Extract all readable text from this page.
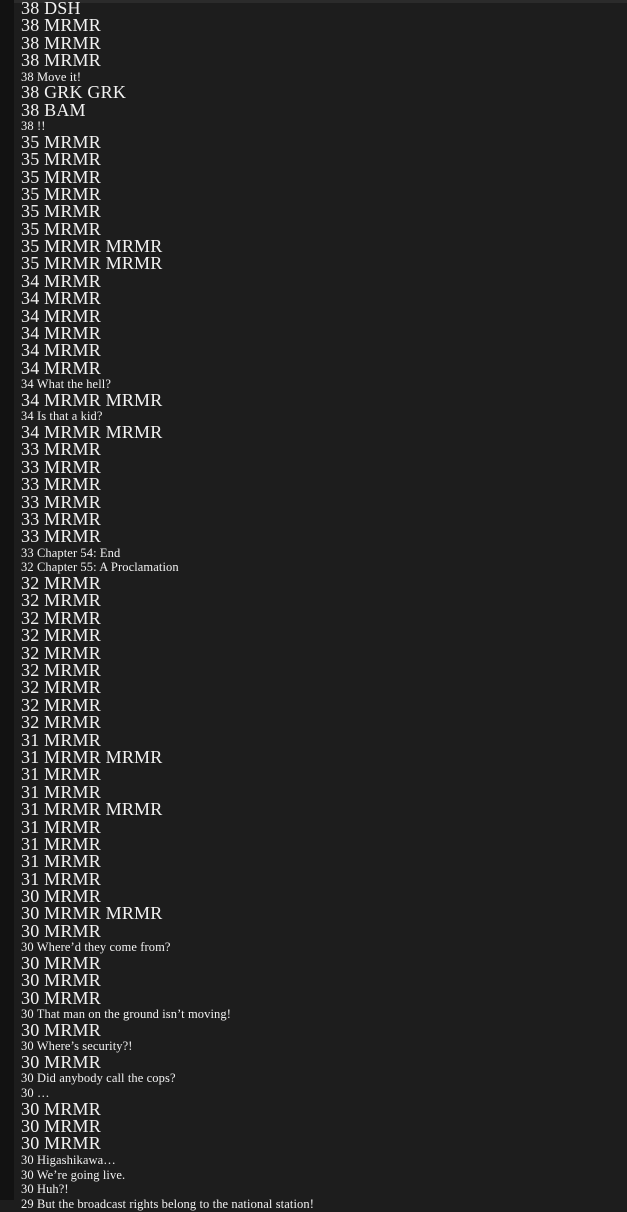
38 DSH
38 MRMR
38 MRMR
38 MRMR
38 Move it!
38 GRK GRK
38 BAM
38 !!
35 MRMR
35 MRMR
35 MRMR
35 MRMR
35 MRMR
35 MRMR
35 MRMR MRMR
35 MRMR MRMR
34 MRMR
34 MRMR
34 MRMR
34 MRMR
34 MRMR
34 MRMR
34 What the hell?
34 MRMR MRMR
34 Is that a kid?
34 MRMR MRMR
33 MRMR
33 MRMR
33 MRMR
33 MRMR
33 MRMR
33 MRMR
33 Chapter 54: End
32 Chapter 55: A Proclamation
32 MRMR
32 MRMR
32 MRMR
32 MRMR
32 MRMR
32 MRMR
32 MRMR
32 MRMR
32 MRMR
31 MRMR
31 MRMR MRMR
31 MRMR
31 MRMR
31 MRMR MRMR
31 MRMR
31 MRMR
31 MRMR
31 MRMR
30 MRMR
30 MRMR MRMR
30 MRMR
30 Where’d they come from?
30 MRMR
30 MRMR
30 MRMR
30 That man on the ground isn’t moving!
30 MRMR
30 Where’s security?!
30 MRMR
30 Did anybody call the cops?
30 …
30 MRMR
30 MRMR
30 MRMR
30 Higashikawa…
30 We’re going live.
30 Huh?!
29 But the broadcast rights belong to the national station!
